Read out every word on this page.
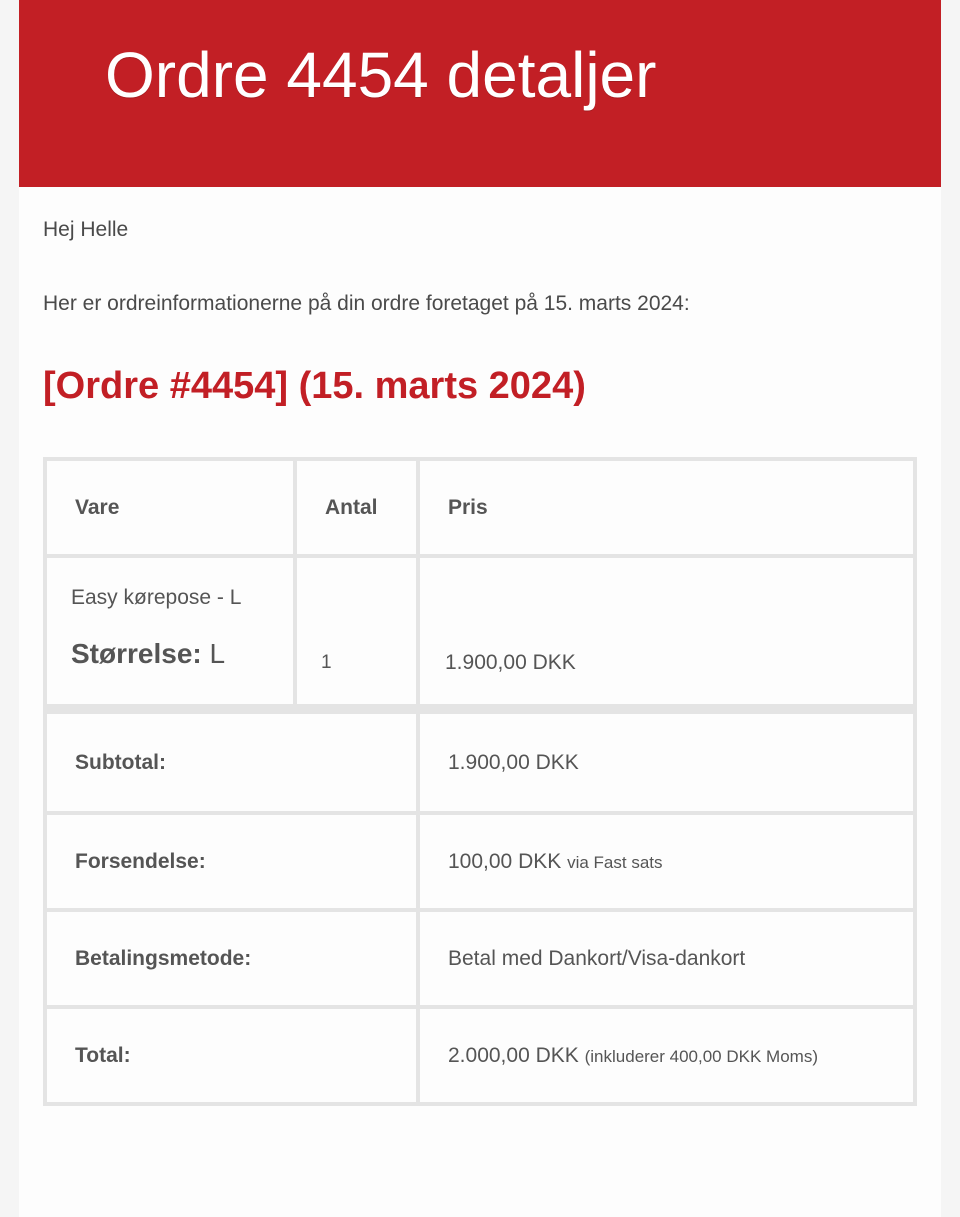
Ordre 4454 detaljer

Hej Helle

Her er ordreinformationerne på din ordre foretaget på 15. marts 2024:

[Ordre #4454] (15. marts 2024)
Vare	Antal	Pris

Easy kørepose - L
Størrelse: L	1	1.900,00 DKK
Subtotal:		1.900,00 DKK
Forsendelse:		100,00 DKK via Fast sats
Betalingsmetode:		Betal med Dankort/Visa-dankort
Total:		2.000,00 DKK (inkluderer 400,00 DKK Moms)
